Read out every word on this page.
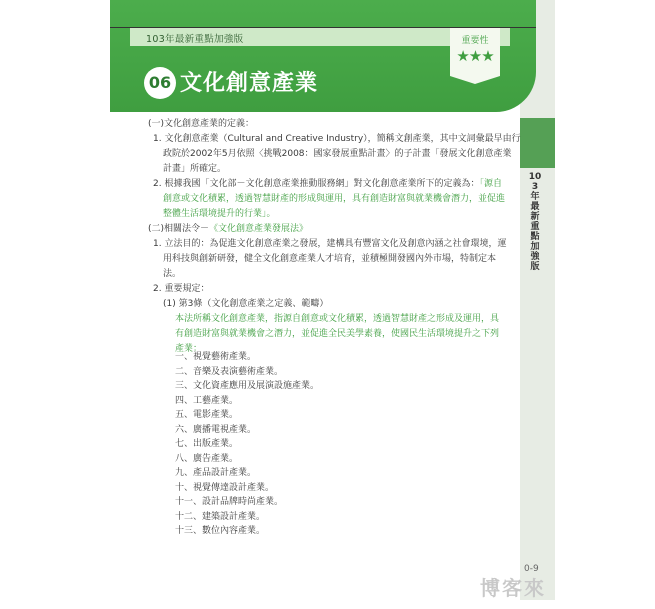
103年最新重點加強版
103年最新重點加強版	重要性
★★★
06 文化創意產業
(一)文化創意產業的定義：
1. 文化創意產業（Cultural and Creative Industry），簡稱文創產業，其中文詞彙最早由行
政院於2002年5月依照〈挑戰2008：國家發展重點計畫〉的子計畫「發展文化創意產業
計畫」所確定。
2. 根據我國「文化部－文化創意產業推動服務網」對文化創意產業所下的定義為：「源自
創意或文化積累，透過智慧財產的形成與運用，具有創造財富與就業機會潛力，並促進
整體生活環境提升的行業」。
(二)相關法令－《文化創意產業發展法》
1. 立法目的：為促進文化創意產業之發展，建構具有豐富文化及創意內涵之社會環境，運
用科技與創新研發，健全文化創意產業人才培育，並積極開發國內外市場，特制定本
法。
2. 重要規定：
(1) 第3條（文化創意產業之定義、範疇）
本法所稱文化創意產業，指源自創意或文化積累，透過智慧財產之形成及運用，具
有創造財富與就業機會之潛力，並促進全民美學素養，使國民生活環境提升之下列
產業：
一、視覺藝術產業。
二、音樂及表演藝術產業。
三、文化資產應用及展演設施產業。
四、工藝產業。
五、電影產業。
六、廣播電視產業。
七、出版產業。
八、廣告產業。
九、產品設計產業。
十、視覺傳達設計產業。
十一、設計品牌時尚產業。
十二、建築設計產業。
十三、數位內容產業。
0-9
博客來
